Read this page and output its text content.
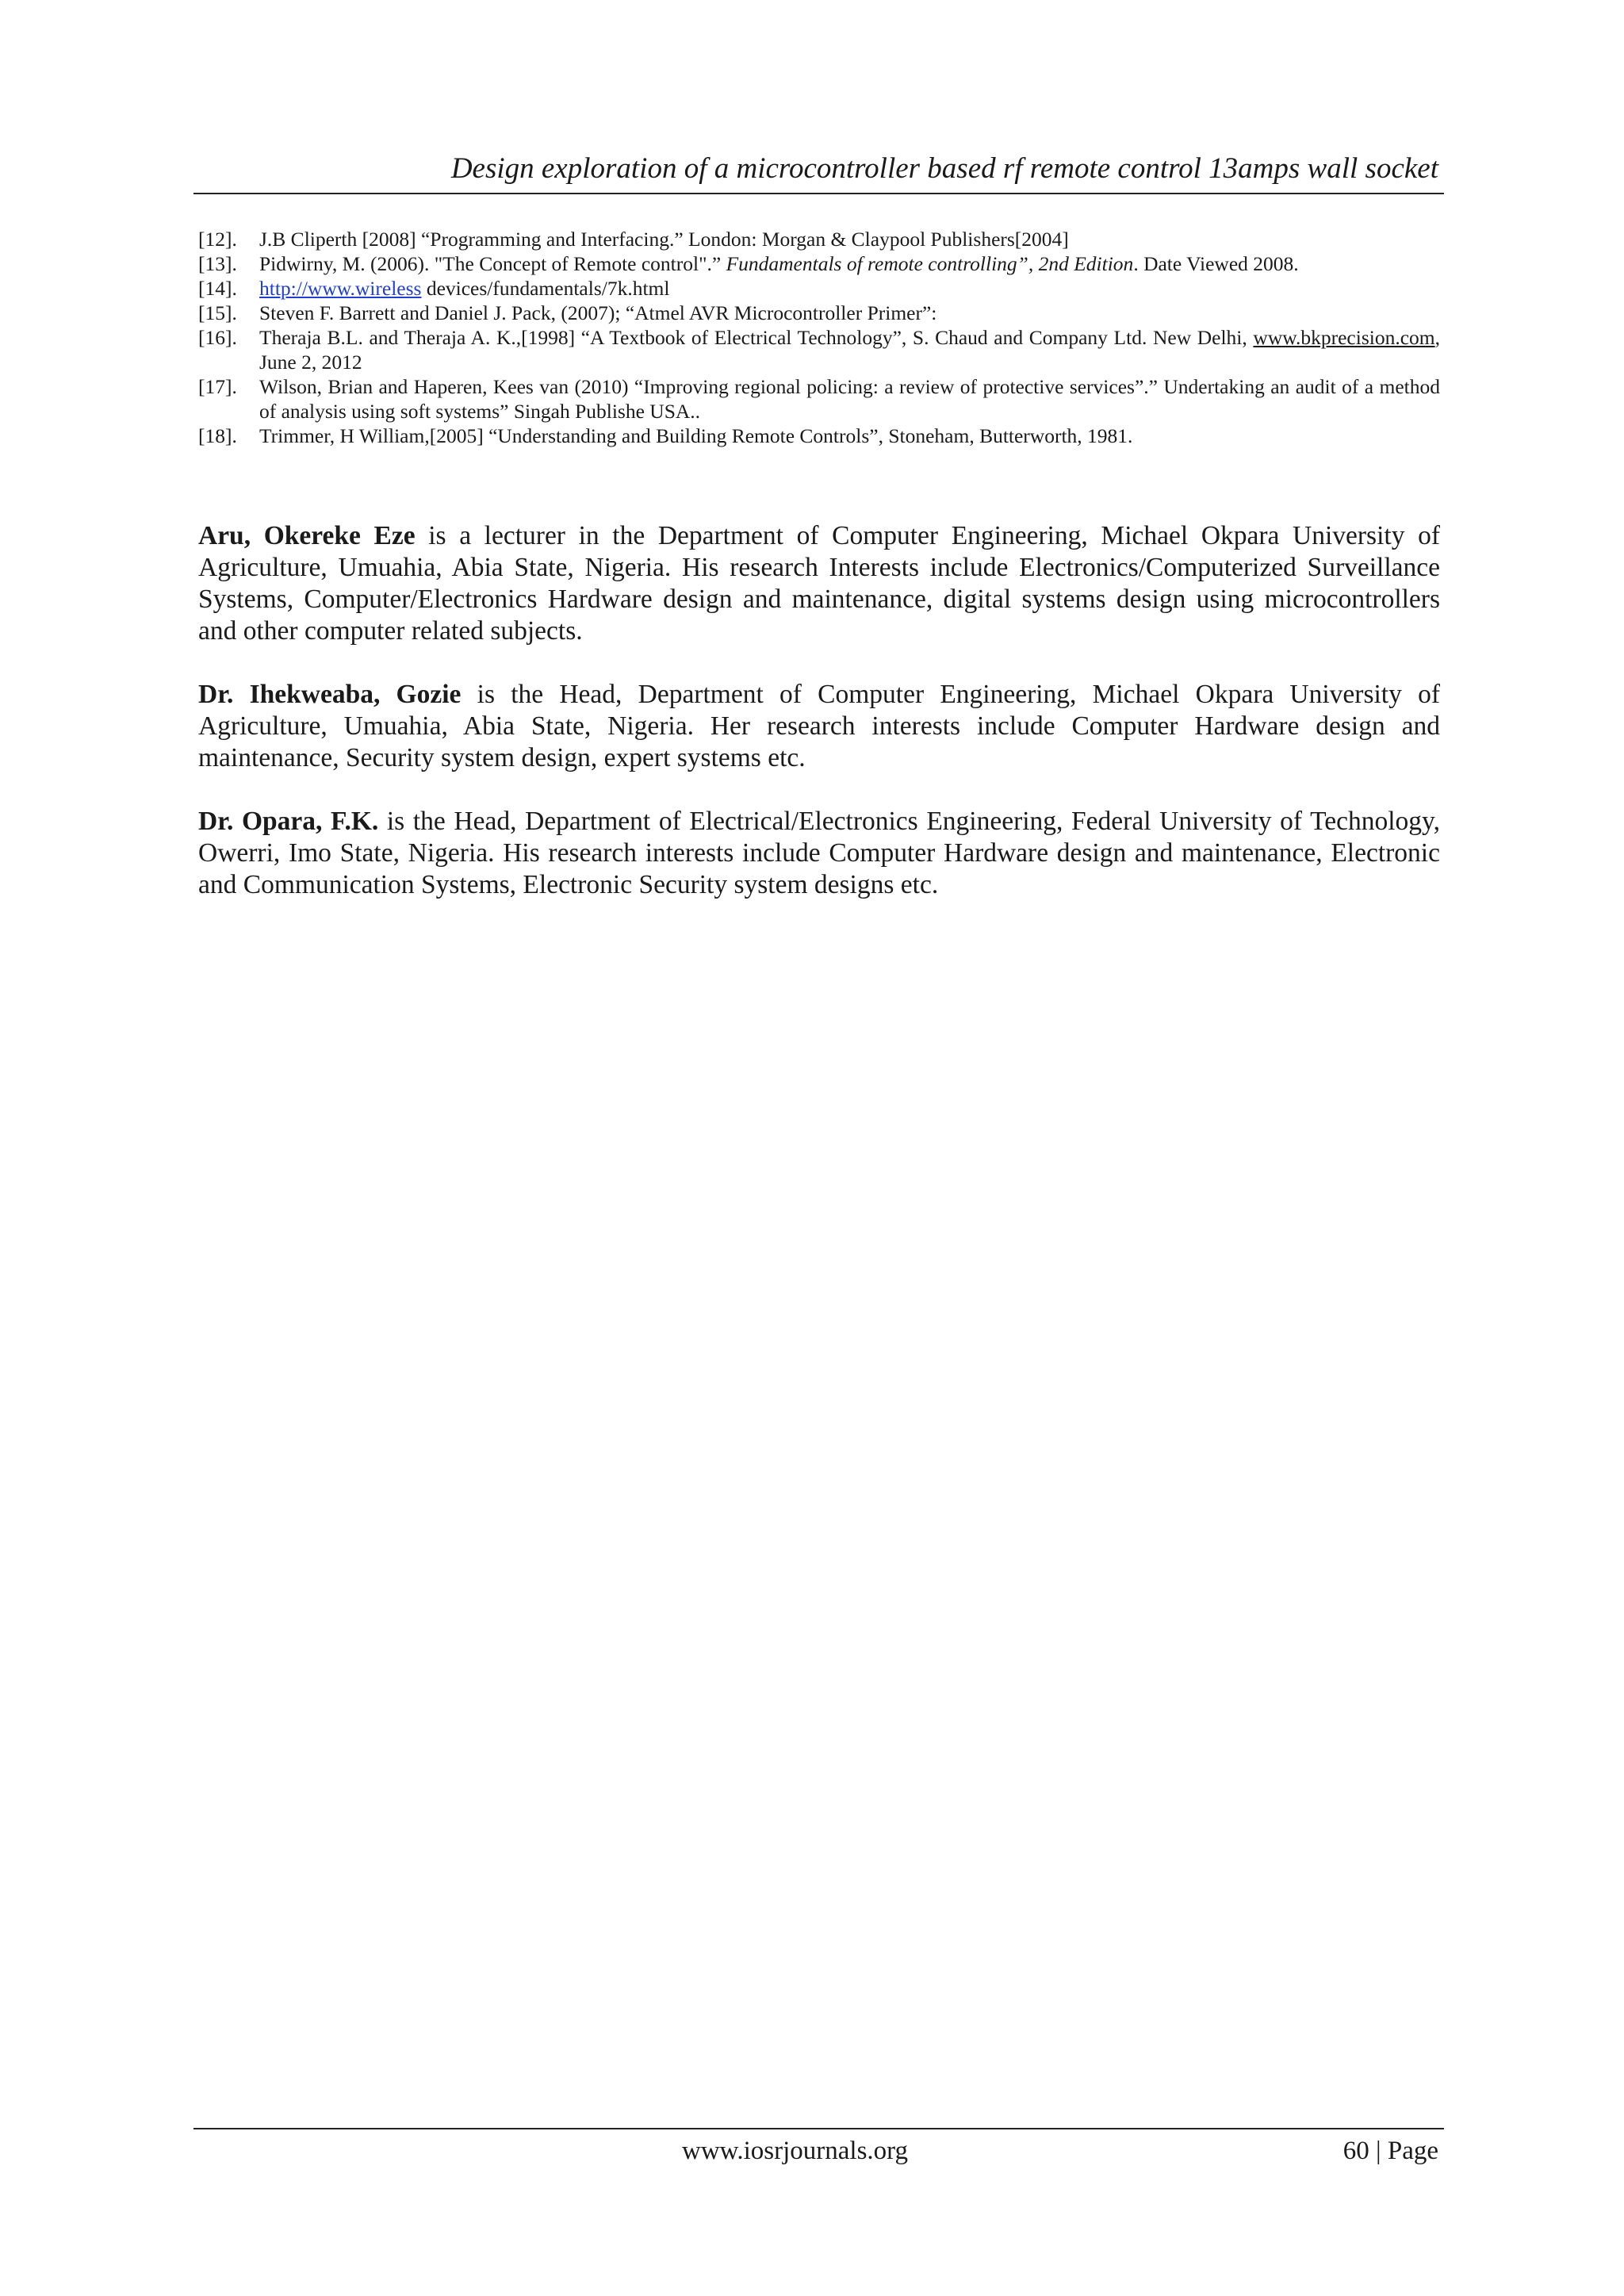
Design exploration of a microcontroller based rf remote control 13amps wall socket
[12].	J.B Cliperth [2008] “Programming and Interfacing.” London: Morgan & Claypool Publishers[2004]
[13].	Pidwirny, M. (2006). "The Concept of Remote control".” Fundamentals of remote controlling”, 2nd Edition. Date Viewed 2008.
[14].	http://www.wireless devices/fundamentals/7k.html
[15].	Steven F. Barrett and Daniel J. Pack, (2007); “Atmel AVR Microcontroller Primer”:
[16].	Theraja B.L. and Theraja A. K.,[1998] “A Textbook of Electrical Technology”, S. Chaud and Company Ltd. New Delhi, www.bkprecision.com, June 2, 2012
[17].	Wilson, Brian and Haperen, Kees van (2010) “Improving regional policing: a review of protective services”.” Undertaking an audit of a method of analysis using soft systems” Singah Publishe USA..
[18].	Trimmer, H William,[2005] “Understanding and Building Remote Controls”, Stoneham, Butterworth, 1981.

Aru, Okereke Eze is a lecturer in the Department of Computer Engineering, Michael Okpara University of Agriculture, Umuahia, Abia State, Nigeria. His research Interests include Electronics/Computerized Surveillance Systems, Computer/Electronics Hardware design and maintenance, digital systems design using microcontrollers and other computer related subjects.

Dr. Ihekweaba, Gozie is the Head, Department of Computer Engineering, Michael Okpara University of Agriculture, Umuahia, Abia State, Nigeria. Her research interests include Computer Hardware design and maintenance, Security system design, expert systems etc.

Dr. Opara, F.K. is the Head, Department of Electrical/Electronics Engineering, Federal University of Technology, Owerri, Imo State, Nigeria. His research interests include Computer Hardware design and maintenance, Electronic and Communication Systems, Electronic Security system designs etc.

www.iosrjournals.org	60 | Page
